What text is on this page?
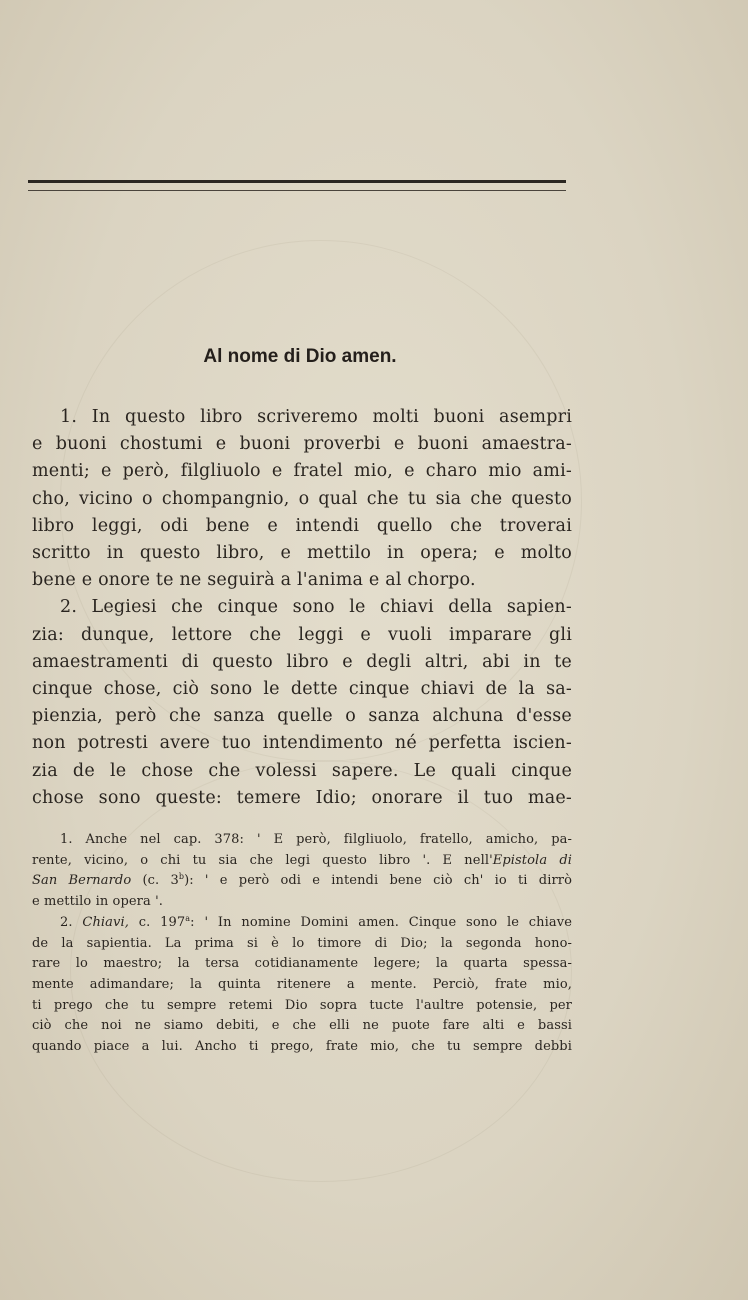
Al nome di Dio amen.
1. In questo libro scriveremo molti buoni asempri
e buoni chostumi e buoni proverbi e buoni amaestra-
menti; e però, filgliuolo e fratel mio, e charo mio ami-
cho, vicino o chompangnio, o qual che tu sia che questo
libro leggi, odi bene e intendi quello che troverai
scritto in questo libro, e mettilo in opera; e molto
bene e onore te ne seguirà a l'anima e al chorpo.
2. Legiesi che cinque sono le chiavi della sapien-
zia: dunque, lettore che leggi e vuoli imparare gli
amaestramenti di questo libro e degli altri, abi in te
cinque chose, ciò sono le dette cinque chiavi de la sa-
pienzia, però che sanza quelle o sanza alchuna d'esse
non potresti avere tuo intendimento né perfetta iscien-
zia de le chose che volessi sapere. Le quali cinque
chose sono queste: temere Idio; onorare il tuo mae-
1. Anche nel cap. 378: ' E però, filgliuolo, fratello, amicho, pa-
rente, vicino, o chi tu sia che legi questo libro '. E nell'Epistola di
San Bernardo (c. 3$^b$): ' e però odi e intendi bene ciò ch' io ti dirrò
e mettilo in opera '.
2. Chiavi, c. 197$^a$: ' In nomine Domini amen. Cinque sono le chiave
de la sapientia. La prima si è lo timore di Dio; la segonda hono-
rare lo maestro; la tersa cotidianamente legere; la quarta spessa-
mente adimandare; la quinta ritenere a mente. Perciò, frate mio,
ti prego che tu sempre retemi Dio sopra tucte l'aultre potensie, per
ciò che noi ne siamo debiti, e che elli ne puote fare alti e bassi
quando piace a lui. Ancho ti prego, frate mio, che tu sempre debbi
